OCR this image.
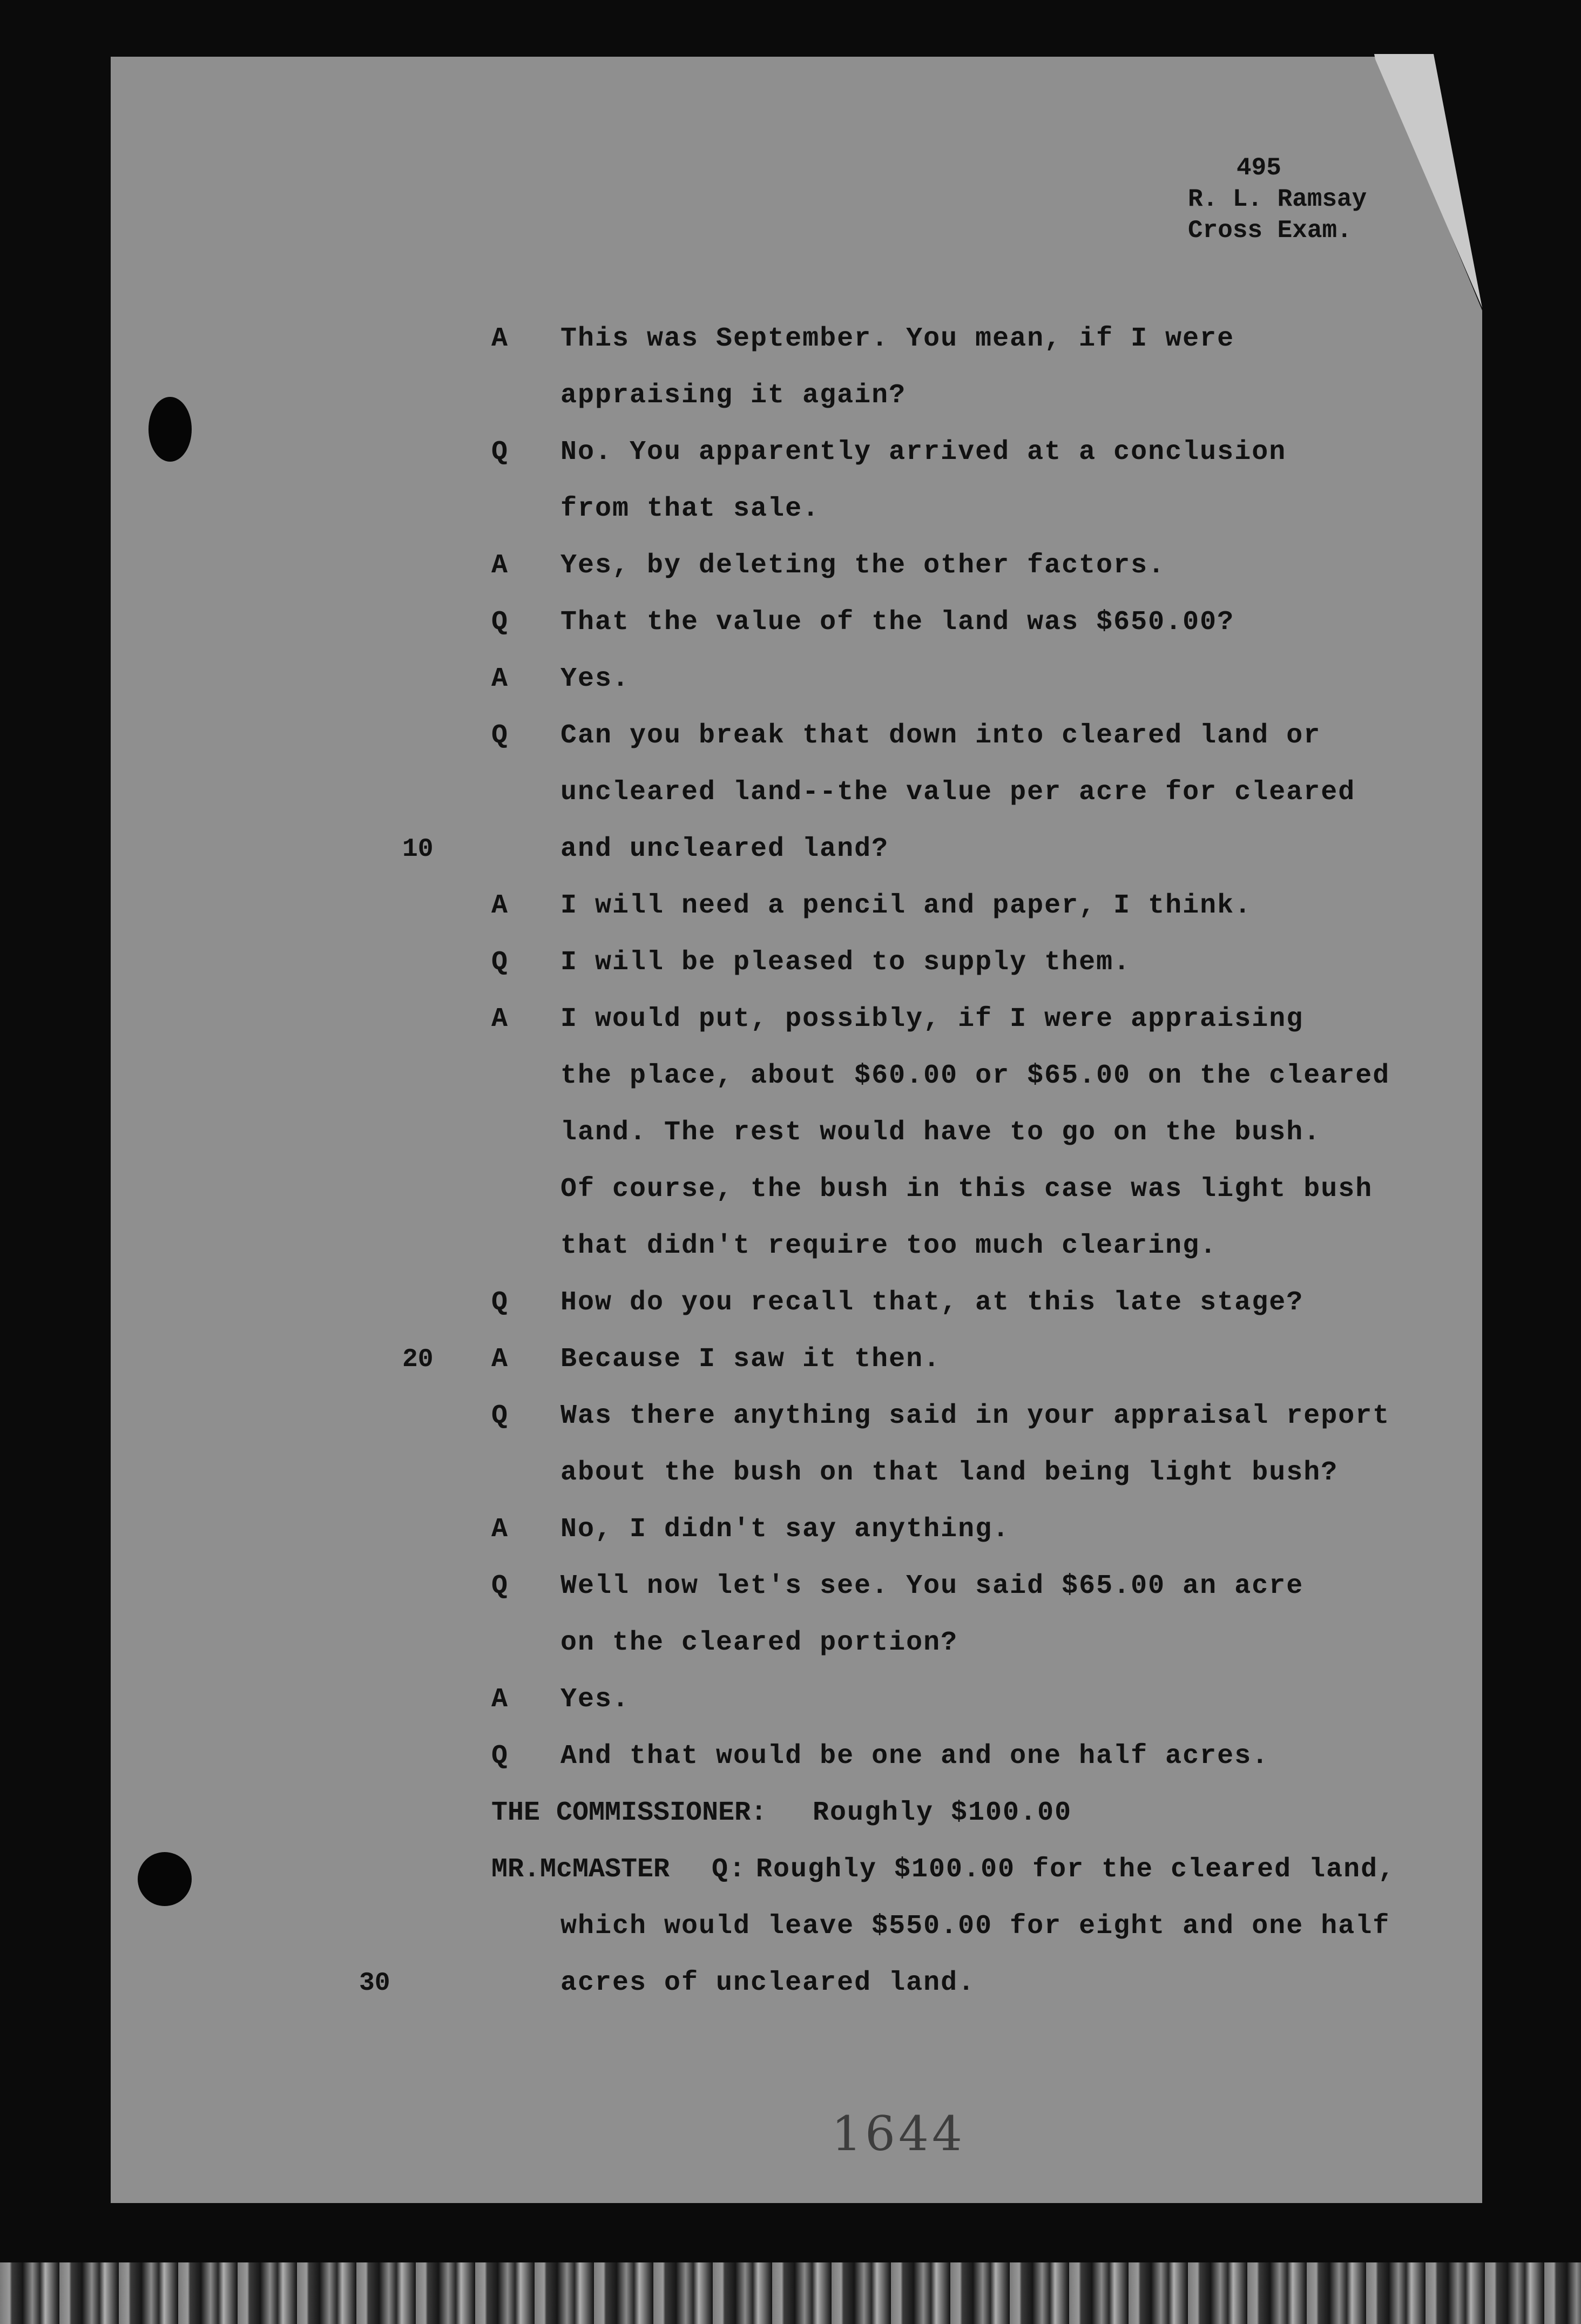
495
R. L. Ramsay
Cross Exam.
A This was September. You mean, if I were
appraising it again?
Q No. You apparently arrived at a conclusion
from that sale.
A Yes, by deleting the other factors.
Q That the value of the land was $650.00?
A Yes.
Q Can you break that down into cleared land or
uncleared land--the value per acre for cleared
and uncleared land?
A I will need a pencil and paper, I think.
Q I will be pleased to supply them.
A I would put, possibly, if I were appraising
the place, about $60.00 or $65.00 on the cleared
land. The rest would have to go on the bush.
Of course, the bush in this case was light bush
that didn't require too much clearing.
Q How do you recall that, at this late stage?
A Because I saw it then.
Q Was there anything said in your appraisal report
about the bush on that land being light bush?
A No, I didn't say anything.
Q Well now let's see. You said $65.00 an acre
on the cleared portion?
A Yes.
Q And that would be one and one half acres.
THE COMMISSIONER: Roughly $100.00
MR.McMASTER Q: Roughly $100.00 for the cleared land,
which would leave $550.00 for eight and one half
acres of uncleared land.
10
20
30
1644
